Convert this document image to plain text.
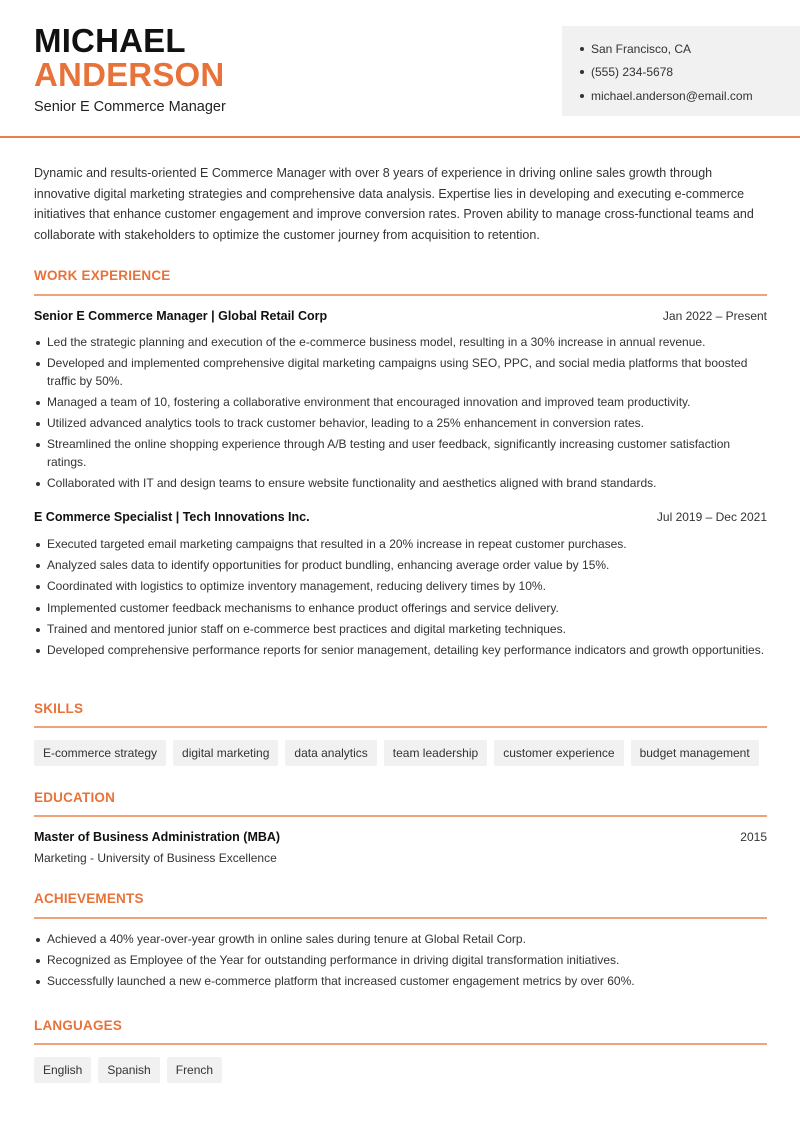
MICHAEL
ANDERSON
Senior E Commerce Manager
San Francisco, CA
(555) 234-5678
michael.anderson@email.com

Dynamic and results-oriented E Commerce Manager with over 8 years of experience in driving online sales growth through innovative digital marketing strategies and comprehensive data analysis. Expertise lies in developing and executing e-commerce initiatives that enhance customer engagement and improve conversion rates. Proven ability to manage cross-functional teams and collaborate with stakeholders to optimize the customer journey from acquisition to retention.

WORK EXPERIENCE
Senior E Commerce Manager | Global Retail Corp	Jan 2022 – Present
Led the strategic planning and execution of the e-commerce business model, resulting in a 30% increase in annual revenue.
Developed and implemented comprehensive digital marketing campaigns using SEO, PPC, and social media platforms that boosted traffic by 50%.
Managed a team of 10, fostering a collaborative environment that encouraged innovation and improved team productivity.
Utilized advanced analytics tools to track customer behavior, leading to a 25% enhancement in conversion rates.
Streamlined the online shopping experience through A/B testing and user feedback, significantly increasing customer satisfaction ratings.
Collaborated with IT and design teams to ensure website functionality and aesthetics aligned with brand standards.
E Commerce Specialist | Tech Innovations Inc.	Jul 2019 – Dec 2021
Executed targeted email marketing campaigns that resulted in a 20% increase in repeat customer purchases.
Analyzed sales data to identify opportunities for product bundling, enhancing average order value by 15%.
Coordinated with logistics to optimize inventory management, reducing delivery times by 10%.
Implemented customer feedback mechanisms to enhance product offerings and service delivery.
Trained and mentored junior staff on e-commerce best practices and digital marketing techniques.
Developed comprehensive performance reports for senior management, detailing key performance indicators and growth opportunities.
SKILLS
E-commerce strategy	digital marketing	data analytics	team leadership	customer experience	budget management
EDUCATION
Master of Business Administration (MBA)	2015
Marketing - University of Business Excellence
ACHIEVEMENTS
Achieved a 40% year-over-year growth in online sales during tenure at Global Retail Corp.
Recognized as Employee of the Year for outstanding performance in driving digital transformation initiatives.
Successfully launched a new e-commerce platform that increased customer engagement metrics by over 60%.
LANGUAGES
English	Spanish	French
